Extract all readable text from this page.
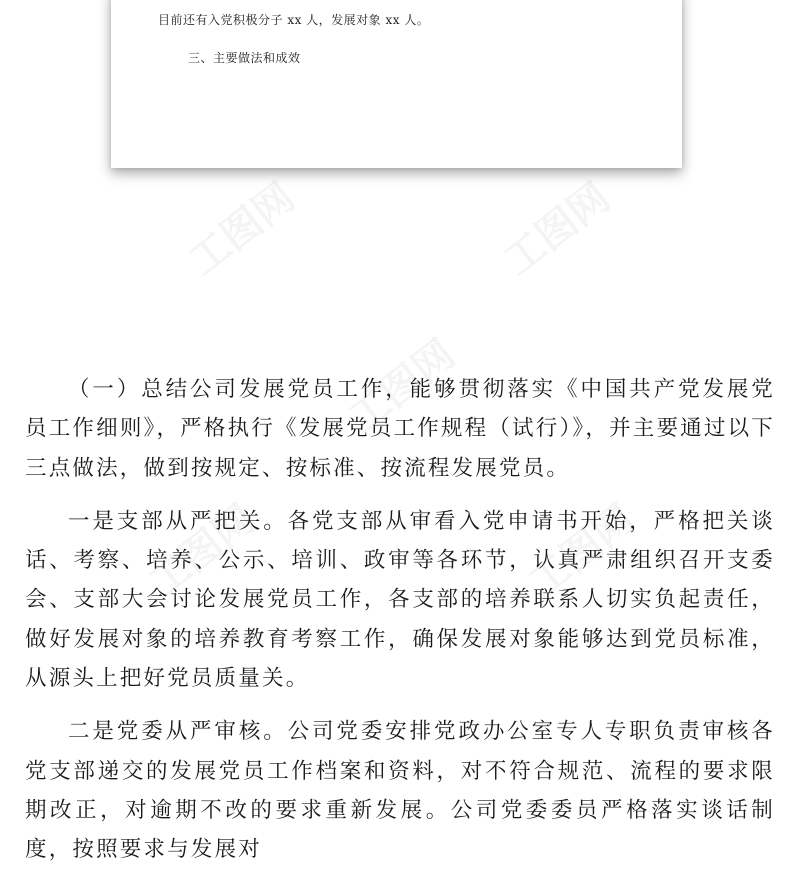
目前还有入党积极分子 xx 人，发展对象 xx 人。
三、主要做法和成效

（一）总结公司发展党员工作，能够贯彻落实《中国共产党发展党员工作细则》，严格执行《发展党员工作规程（试行）》，并主要通过以下三点做法，做到按规定、按标准、按流程发展党员。

一是支部从严把关。各党支部从审看入党申请书开始，严格把关谈话、考察、培养、公示、培训、政审等各环节，认真严肃组织召开支委会、支部大会讨论发展党员工作，各支部的培养联系人切实负起责任，做好发展对象的培养教育考察工作，确保发展对象能够达到党员标准，从源头上把好党员质量关。

二是党委从严审核。公司党委安排党政办公室专人专职负责审核各党支部递交的发展党员工作档案和资料，对不符合规范、流程的要求限期改正，对逾期不改的要求重新发展。公司党委委员严格落实谈话制度，按照要求与发展对
